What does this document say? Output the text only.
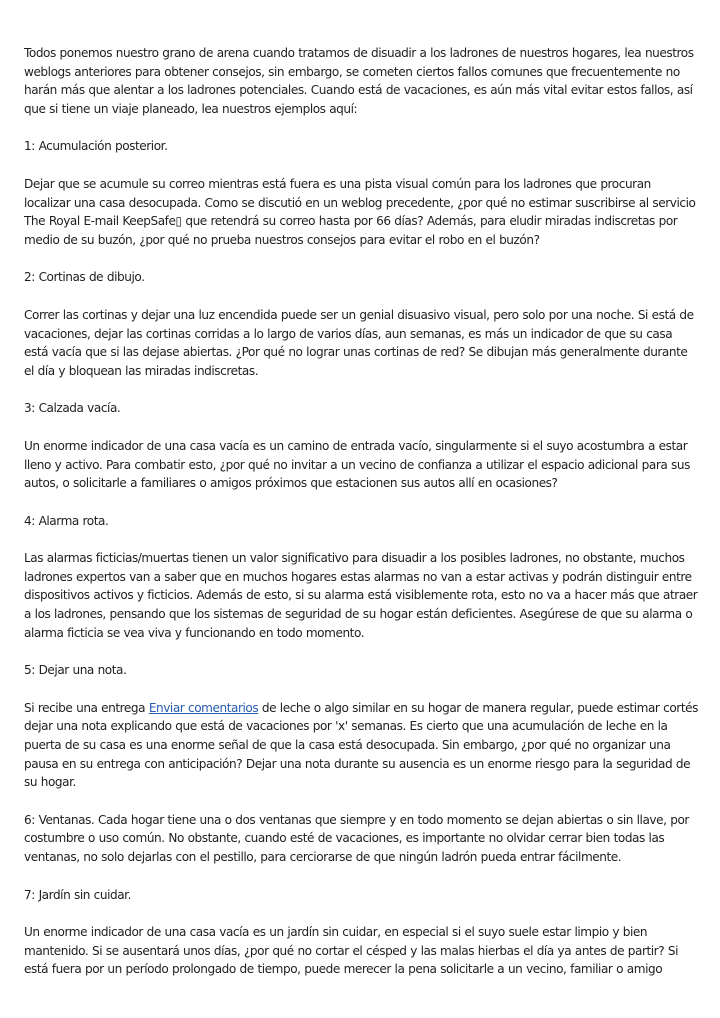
Todos ponemos nuestro grano de arena cuando tratamos de disuadir a los ladrones de nuestros hogares, lea nuestros weblogs anteriores para obtener consejos, sin embargo, se cometen ciertos fallos comunes que frecuentemente no harán más que alentar a los ladrones potenciales. Cuando está de vacaciones, es aún más vital evitar estos fallos, así que si tiene un viaje planeado, lea nuestros ejemplos aquí:

1: Acumulación posterior.

Dejar que se acumule su correo mientras está fuera es una pista visual común para los ladrones que procuran localizar una casa desocupada. Como se discutió en un weblog precedente, ¿por qué no estimar suscribirse al servicio The Royal E-mail KeepSafe▯ que retendrá su correo hasta por 66 días? Además, para eludir miradas indiscretas por medio de su buzón, ¿por qué no prueba nuestros consejos para evitar el robo en el buzón?

2: Cortinas de dibujo.

Correr las cortinas y dejar una luz encendida puede ser un genial disuasivo visual, pero solo por una noche. Si está de vacaciones, dejar las cortinas corridas a lo largo de varios días, aun semanas, es más un indicador de que su casa está vacía que si las dejase abiertas. ¿Por qué no lograr unas cortinas de red? Se dibujan más generalmente durante el día y bloquean las miradas indiscretas.

3: Calzada vacía.

Un enorme indicador de una casa vacía es un camino de entrada vacío, singularmente si el suyo acostumbra a estar lleno y activo. Para combatir esto, ¿por qué no invitar a un vecino de confianza a utilizar el espacio adicional para sus autos, o solicitarle a familiares o amigos próximos que estacionen sus autos allí en ocasiones?

4: Alarma rota.

Las alarmas ficticias/muertas tienen un valor significativo para disuadir a los posibles ladrones, no obstante, muchos ladrones expertos van a saber que en muchos hogares estas alarmas no van a estar activas y podrán distinguir entre dispositivos activos y ficticios. Además de esto, si su alarma está visiblemente rota, esto no va a hacer más que atraer a los ladrones, pensando que los sistemas de seguridad de su hogar están deficientes. Asegúrese de que su alarma o alarma ficticia se vea viva y funcionando en todo momento.

5: Dejar una nota.

Si recibe una entrega Enviar comentarios de leche o algo similar en su hogar de manera regular, puede estimar cortés dejar una nota explicando que está de vacaciones por 'x' semanas. Es cierto que una acumulación de leche en la puerta de su casa es una enorme señal de que la casa está desocupada. Sin embargo, ¿por qué no organizar una pausa en su entrega con anticipación? Dejar una nota durante su ausencia es un enorme riesgo para la seguridad de su hogar.

6: Ventanas. Cada hogar tiene una o dos ventanas que siempre y en todo momento se dejan abiertas o sin llave, por costumbre o uso común. No obstante, cuando esté de vacaciones, es importante no olvidar cerrar bien todas las ventanas, no solo dejarlas con el pestillo, para cerciorarse de que ningún ladrón pueda entrar fácilmente.

7: Jardín sin cuidar.

Un enorme indicador de una casa vacía es un jardín sin cuidar, en especial si el suyo suele estar limpio y bien mantenido. Si se ausentará unos días, ¿por qué no cortar el césped y las malas hierbas el día ya antes de partir? Si está fuera por un período prolongado de tiempo, puede merecer la pena solicitarle a un vecino, familiar o amigo
